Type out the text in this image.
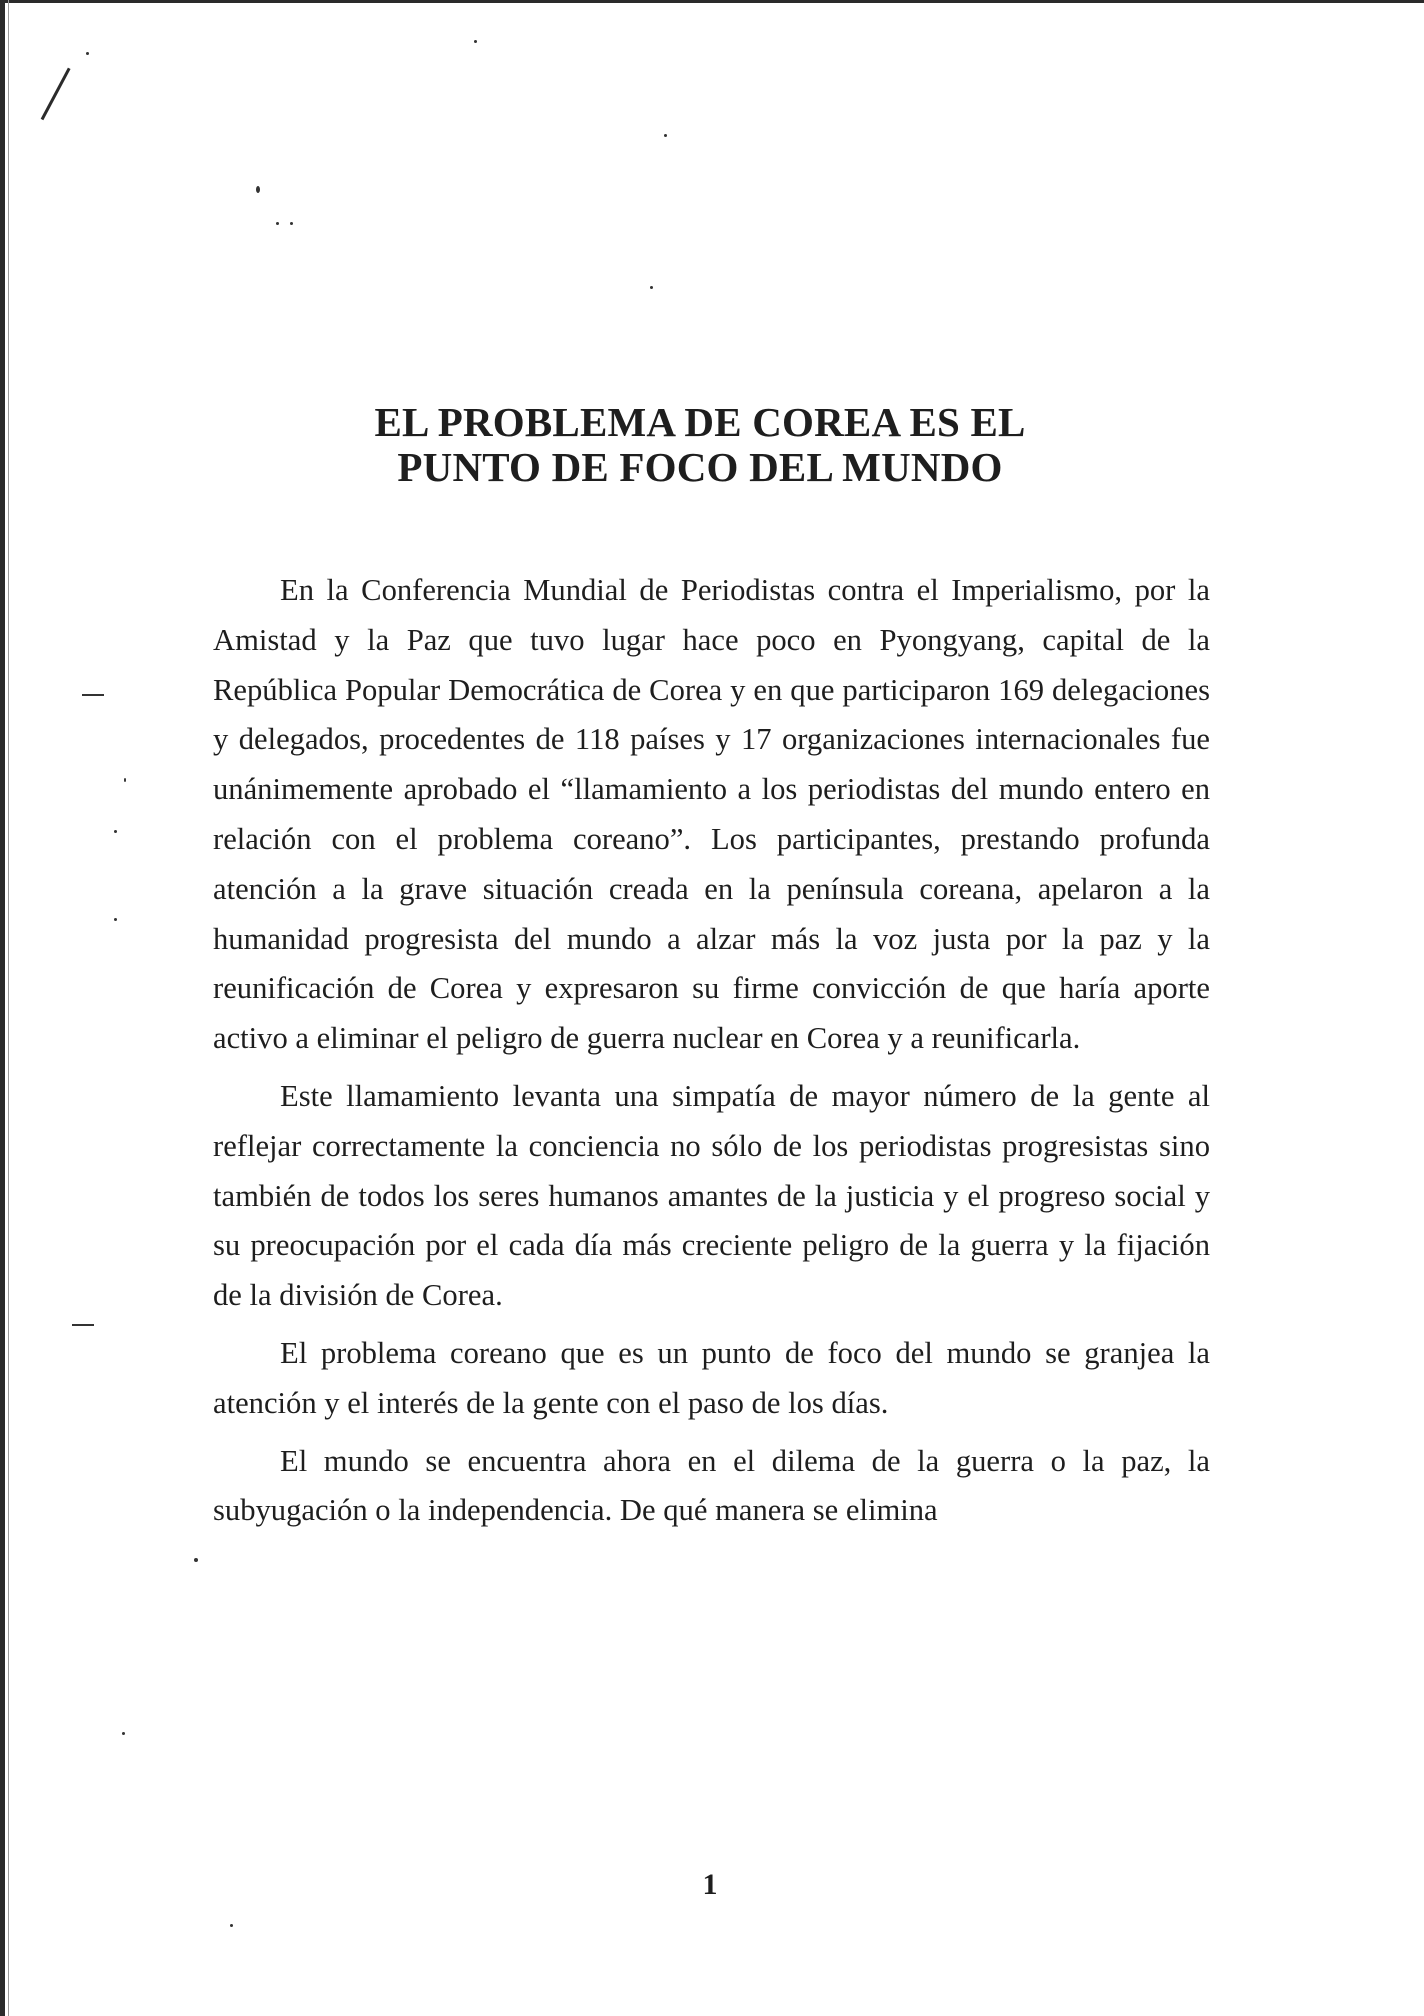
EL PROBLEMA DE COREA ES EL
PUNTO DE FOCO DEL MUNDO

En la Conferencia Mundial de Periodistas contra el Imperialismo, por la Amistad y la Paz que tuvo lugar hace poco en Pyongyang, capital de la República Popular Democrática de Corea y en que participaron 169 delegaciones y delegados, procedentes de 118 países y 17 organizaciones internacionales fue unánimemente aprobado el “llamamiento a los periodistas del mundo entero en relación con el problema coreano”. Los participantes, prestando profunda atención a la grave situación creada en la península coreana, apelaron a la humanidad progresista del mundo a alzar más la voz justa por la paz y la reunificación de Corea y expresaron su firme convicción de que haría aporte activo a eliminar el peligro de guerra nuclear en Corea y a reunificarla.

Este llamamiento levanta una simpatía de mayor número de la gente al reflejar correctamente la conciencia no sólo de los periodistas progresistas sino también de todos los seres humanos amantes de la justicia y el progreso social y su preocupación por el cada día más creciente peligro de la guerra y la fijación de la división de Corea.

El problema coreano que es un punto de foco del mundo se granjea la atención y el interés de la gente con el paso de los días.

El mundo se encuentra ahora en el dilema de la guerra o la paz, la subyugación o la independencia. De qué manera se elimina

1
